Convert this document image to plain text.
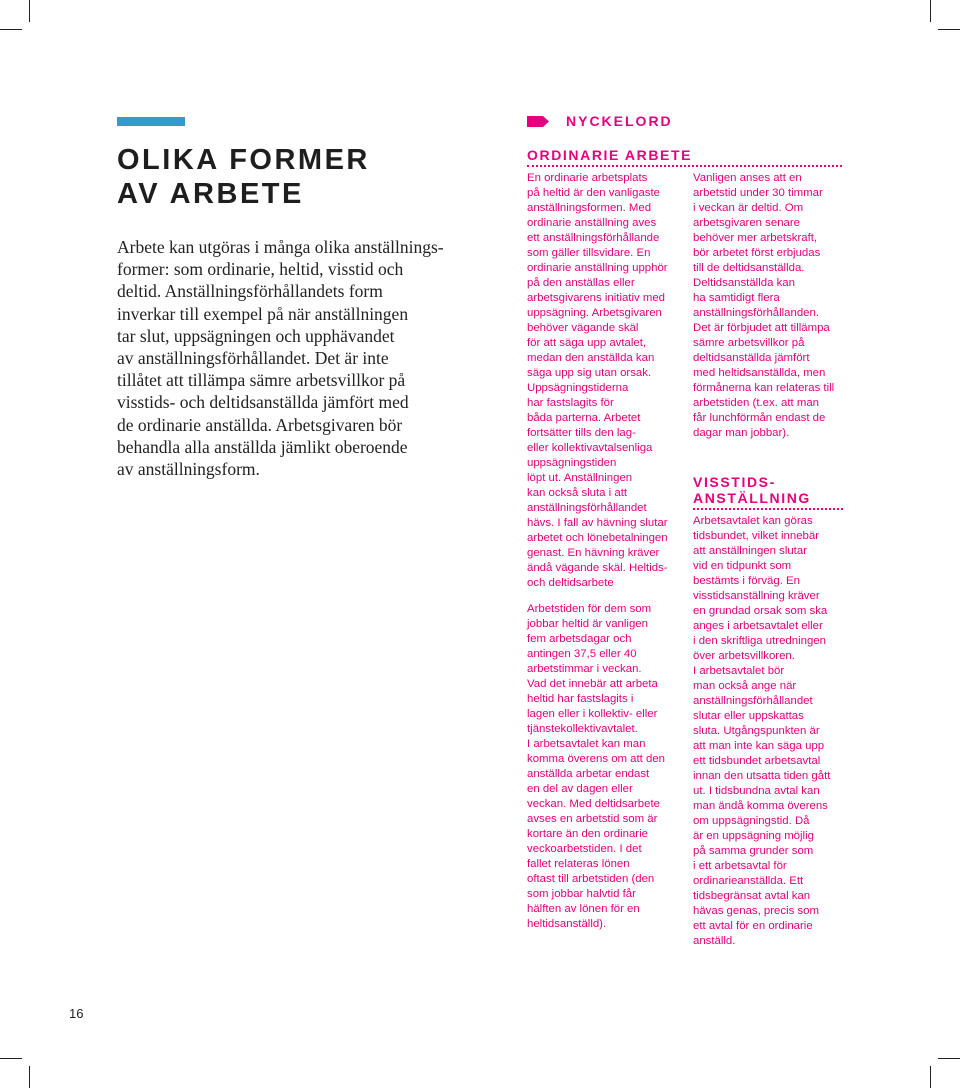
OLIKA FORMER
AV ARBETE

Arbete kan utgöras i många olika anställnings-
former: som ordinarie, heltid, visstid och
deltid. Anställningsförhållandets form
inverkar till exempel på när anställningen
tar slut, uppsägningen och upphävandet
av anställningsförhållandet. Det är inte
tillåtet att tillämpa sämre arbetsvillkor på
visstids- och deltidsanställda jämfört med
de ordinarie anställda. Arbetsgivaren bör
behandla alla anställda jämlikt oberoende
av anställningsform.

NYCKELORD
ORDINARIE ARBETE

En ordinarie arbetsplats
på heltid är den vanligaste
anställningsformen. Med
ordinarie anställning aves
ett anställningsförhållande
som gäller tillsvidare. En
ordinarie anställning upphör
på den anställas eller
arbetsgivarens initiativ med
uppsägning. Arbetsgivaren
behöver vägande skäl
för att säga upp avtalet,
medan den anställda kan
säga upp sig utan orsak.
Uppsägningstiderna
har fastslagits för
båda parterna. Arbetet
fortsätter tills den lag-
eller kollektivavtalsenliga
uppsägningstiden
löpt ut. Anställningen
kan också sluta i att
anställningsförhållandet
hävs. I fall av hävning slutar
arbetet och lönebetalningen
genast. En hävning kräver
ändå vägande skäl. Heltids-
och deltidsarbete

Arbetstiden för dem som
jobbar heltid är vanligen
fem arbetsdagar och
antingen 37,5 eller 40
arbetstimmar i veckan.
Vad det innebär att arbeta
heltid har fastslagits i
lagen eller i kollektiv- eller
tjänstekollektivavtalet.
I arbetsavtalet kan man
komma överens om att den
anställda arbetar endast
en del av dagen eller
veckan. Med deltidsarbete
avses en arbetstid som är
kortare än den ordinarie
veckoarbetstiden. I det
fallet relateras lönen
oftast till arbetstiden (den
som jobbar halvtid får
hälften av lönen för en
heltidsanställd).

Vanligen anses att en
arbetstid under 30 timmar
i veckan är deltid. Om
arbetsgivaren senare
behöver mer arbetskraft,
bör arbetet först erbjudas
till de deltidsanställda.
Deltidsanställda kan
ha samtidigt flera
anställningsförhållanden.
Det är förbjudet att tillämpa
sämre arbetsvillkor på
deltidsanställda jämfört
med heltidsanställda, men
förmånerna kan relateras till
arbetstiden (t.ex. att man
får lunchförmån endast de
dagar man jobbar).

VISSTIDS-
ANSTÄLLNING

Arbetsavtalet kan göras
tidsbundet, vilket innebär
att anställningen slutar
vid en tidpunkt som
bestämts i förväg. En
visstidsanställning kräver
en grundad orsak som ska
anges i arbetsavtalet eller
i den skriftliga utredningen
över arbetsvillkoren.
I arbetsavtalet bör
man också ange när
anställningsförhållandet
slutar eller uppskattas
sluta. Utgångspunkten är
att man inte kan säga upp
ett tidsbundet arbetsavtal
innan den utsatta tiden gått
ut. I tidsbundna avtal kan
man ändå komma överens
om uppsägningstid. Då
är en uppsägning möjlig
på samma grunder som
i ett arbetsavtal för
ordinarieanställda. Ett
tidsbegränsat avtal kan
hävas genas, precis som
ett avtal för en ordinarie
anställd.

16
